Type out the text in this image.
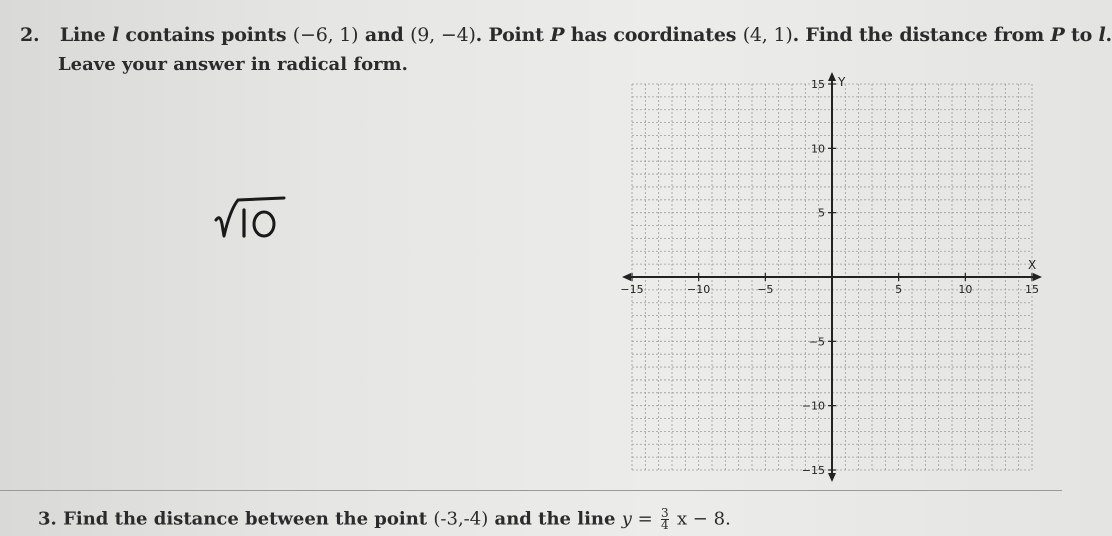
2. Line l contains points (−6, 1) and (9, −4). Point P has coordinates (4, 1). Find the distance from P to l.
Leave your answer in radical form.
−15	−10	−5	5	10	15
15
10
5
−5
−10
−15
X
Y
3. Find the distance between the point (-3,-4) and the line $y = \frac{3}{4}$ x − 8.
